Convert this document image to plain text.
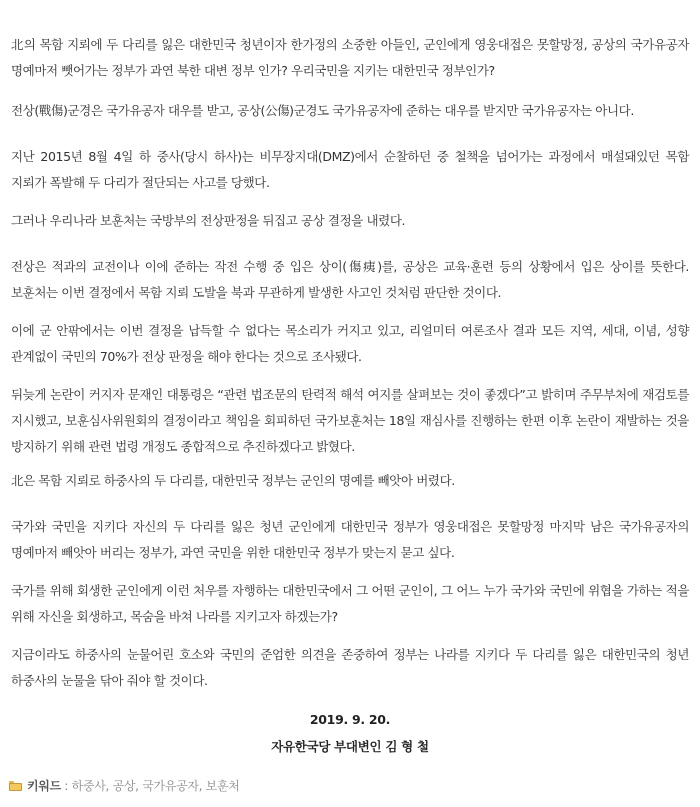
北의 목함 지뢰에 두 다리를 잃은 대한민국 청년이자 한가정의 소중한 아들인, 군인에게 영웅대접은 못할망정, 공상의 국가유공자 명예마저 뺏어가는 정부가 과연 북한 대변 정부 인가? 우리국민을 지키는 대한민국 정부인가?

전상(戰傷)군경은 국가유공자 대우를 받고, 공상(公傷)군경도 국가유공자에 준하는 대우를 받지만 국가유공자는 아니다.

지난 2015년 8월 4일 하 중사(당시 하사)는 비무장지대(DMZ)에서 순찰하던 중 철책을 넘어가는 과정에서 매설돼있던 목함 지뢰가 폭발해 두 다리가 절단되는 사고를 당했다.

그러나 우리나라 보훈처는 국방부의 전상판정을 뒤집고 공상 결정을 내렸다.

전상은 적과의 교전이나 이에 준하는 작전 수행 중 입은 상이(傷痍)를, 공상은 교육·훈련 등의 상황에서 입은 상이를 뜻한다. 보훈처는 이번 결정에서 목함 지뢰 도발을 북과 무관하게 발생한 사고인 것처럼 판단한 것이다.

이에 군 안팎에서는 이번 결정을 납득할 수 없다는 목소리가 커지고 있고, 리얼미터 여론조사 결과 모든 지역, 세대, 이념, 성향 관계없이 국민의 70%가 전상 판정을 해야 한다는 것으로 조사됐다.

뒤늦게 논란이 커지자 문재인 대통령은 “관련 법조문의 탄력적 해석 여지를 살펴보는 것이 좋겠다”고 밝히며 주무부처에 재검토를 지시했고, 보훈심사위원회의 결정이라고 책임을 회피하던 국가보훈처는 18일 재심사를 진행하는 한편 이후 논란이 재발하는 것을 방지하기 위해 관련 법령 개정도 종합적으로 추진하겠다고 밝혔다.

北은 목함 지뢰로 하중사의 두 다리를, 대한민국 정부는 군인의 명예를 빼앗아 버렸다.

국가와 국민을 지키다 자신의 두 다리를 잃은 청년 군인에게 대한민국 정부가 영웅대접은 못할망정 마지막 남은 국가유공자의 명예마저 빼앗아 버리는 정부가, 과연 국민을 위한 대한민국 정부가 맞는지 묻고 싶다.

국가를 위해 회생한 군인에게 이런 처우를 자행하는 대한민국에서 그 어떤 군인이, 그 어느 누가 국가와 국민에 위협을 가하는 적을 위해 자신을 회생하고, 목숨을 바쳐 나라를 지키고자 하겠는가?

지금이라도 하중사의 눈물어린 호소와 국민의 준엄한 의견을 존중하여 정부는 나라를 지키다 두 다리를 잃은 대한민국의 청년 하중사의 눈물을 닦아 줘야 할 것이다.

2019. 9. 20.

자유한국당 부대변인 김 형 철

키워드 : 하중사, 공상, 국가유공자, 보훈처
